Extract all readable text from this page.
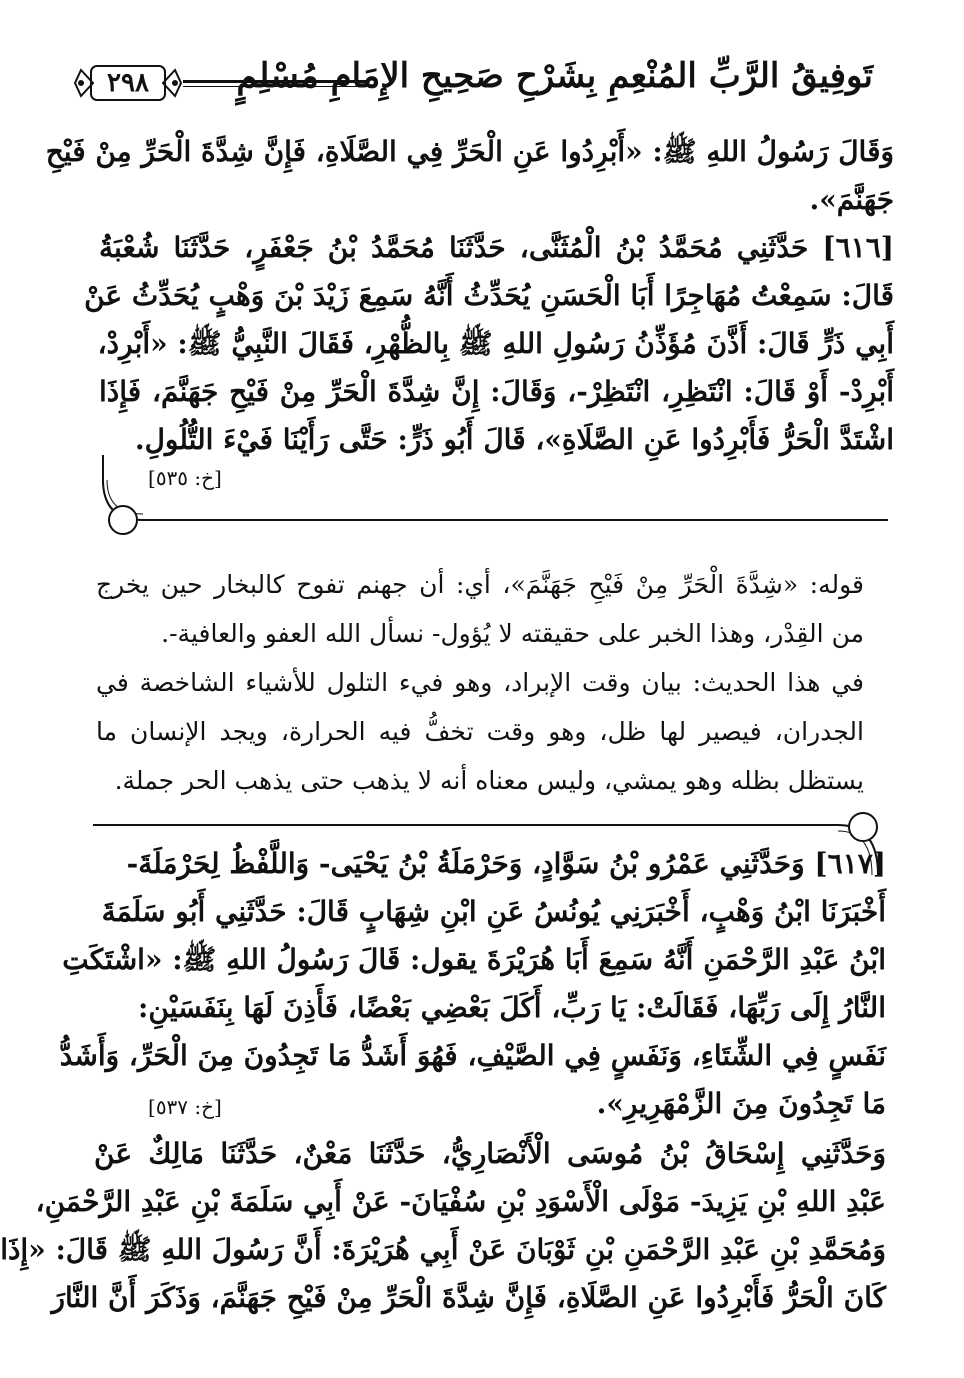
تَوفِيقُ الرَّبِّ المُنْعِمِ بِشَرْحِ صَحِيحِ الإِمَامِ مُسْلِمٍ
٢٩٨
وَقَالَ رَسُولُ اللهِ ﷺ: «أَبْرِدُوا عَنِ الْحَرِّ فِي الصَّلَاةِ، فَإِنَّ شِدَّةَ الْحَرِّ مِنْ فَيْحِ
جَهَنَّمَ».
[٦١٦] حَدَّثَنِي مُحَمَّدُ بْنُ الْمُثَنَّى، حَدَّثَنَا مُحَمَّدُ بْنُ جَعْفَرٍ، حَدَّثَنَا شُعْبَةُ
قَالَ: سَمِعْتُ مُهَاجِرًا أَبَا الْحَسَنِ يُحَدِّثُ أَنَّهُ سَمِعَ زَيْدَ بْنَ وَهْبٍ يُحَدِّثُ عَنْ
أَبِي ذَرٍّ قَالَ: أَذَّنَ مُؤَذِّنُ رَسُولِ اللهِ ﷺ بِالظُّهْرِ، فَقَالَ النَّبِيُّ ﷺ: «أَبْرِدْ،
أَبْرِدْ- أَوْ قَالَ: انْتَظِرِ، انْتَظِرْ-، وَقَالَ: إِنَّ شِدَّةَ الْحَرِّ مِنْ فَيْحِ جَهَنَّمَ، فَإِذَا
اشْتَدَّ الْحَرُّ فَأَبْرِدُوا عَنِ الصَّلَاةِ»، قَالَ أَبُو ذَرٍّ: حَتَّى رَأَيْنَا فَيْءَ التُّلُولِ.
[خ: ٥٣٥]
قوله: «شِدَّةَ الْحَرِّ مِنْ فَيْحِ جَهَنَّمَ»، أي: أن جهنم تفوح كالبخار حين يخرج
من القِدْر، وهذا الخبر على حقيقته لا يُؤول- نسأل الله العفو والعافية-.
في هذا الحديث: بيان وقت الإبراد، وهو فيء التلول للأشياء الشاخصة في
الجدران، فيصير لها ظل، وهو وقت تخفُّ فيه الحرارة، ويجد الإنسان ما
يستظل بظله وهو يمشي، وليس معناه أنه لا يذهب حتى يذهب الحر جملة.
[٦١٧] وَحَدَّثَنِي عَمْرُو بْنُ سَوَّادٍ، وَحَرْمَلَةُ بْنُ يَحْيَى- وَاللَّفْظُ لِحَرْمَلَةَ-
أَخْبَرَنَا ابْنُ وَهْبٍ، أَخْبَرَنِي يُونُسُ عَنِ ابْنِ شِهَابٍ قَالَ: حَدَّثَنِي أَبُو سَلَمَةَ
ابْنُ عَبْدِ الرَّحْمَنِ أَنَّهُ سَمِعَ أَبَا هُرَيْرَةَ يقول: قَالَ رَسُولُ اللهِ ﷺ: «اشْتَكَتِ
النَّارُ إِلَى رَبِّهَا، فَقَالَتْ: يَا رَبِّ، أَكَلَ بَعْضِي بَعْضًا، فَأَذِنَ لَهَا بِنَفَسَيْنِ:
نَفَسٍ فِي الشِّتَاءِ، وَنَفَسٍ فِي الصَّيْفِ، فَهُوَ أَشَدُّ مَا تَجِدُونَ مِنَ الْحَرِّ، وَأَشَدُّ
مَا تَجِدُونَ مِنَ الزَّمْهَرِيرِ».
[خ: ٥٣٧]
وَحَدَّثَنِي إِسْحَاقُ بْنُ مُوسَى الْأَنْصَارِيُّ، حَدَّثَنَا مَعْنٌ، حَدَّثَنَا مَالِكٌ عَنْ
عَبْدِ اللهِ بْنِ يَزِيدَ- مَوْلَى الْأَسْوَدِ بْنِ سُفْيَانَ- عَنْ أَبِي سَلَمَةَ بْنِ عَبْدِ الرَّحْمَنِ،
وَمُحَمَّدِ بْنِ عَبْدِ الرَّحْمَنِ بْنِ ثَوْبَانَ عَنْ أَبِي هُرَيْرَةَ: أَنَّ رَسُولَ اللهِ ﷺ قَالَ: «إِذَا
كَانَ الْحَرُّ فَأَبْرِدُوا عَنِ الصَّلَاةِ، فَإِنَّ شِدَّةَ الْحَرِّ مِنْ فَيْحِ جَهَنَّمَ، وَذَكَرَ أَنَّ النَّارَ
